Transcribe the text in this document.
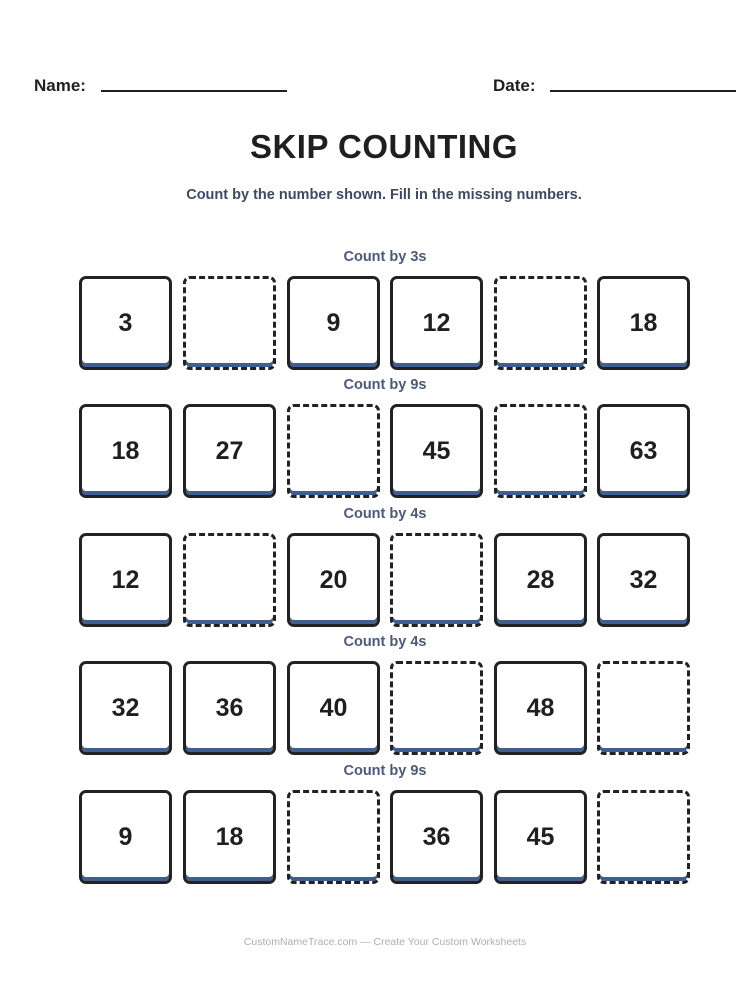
Name:	Date:
SKIP COUNTING
Count by the number shown. Fill in the missing numbers.
Count by 3s
3	9	12	18
Count by 9s
18	27	45	63
Count by 4s
12	20	28	32
Count by 4s
32	36	40	48
Count by 9s
9	18	36	45
CustomNameTrace.com — Create Your Custom Worksheets
